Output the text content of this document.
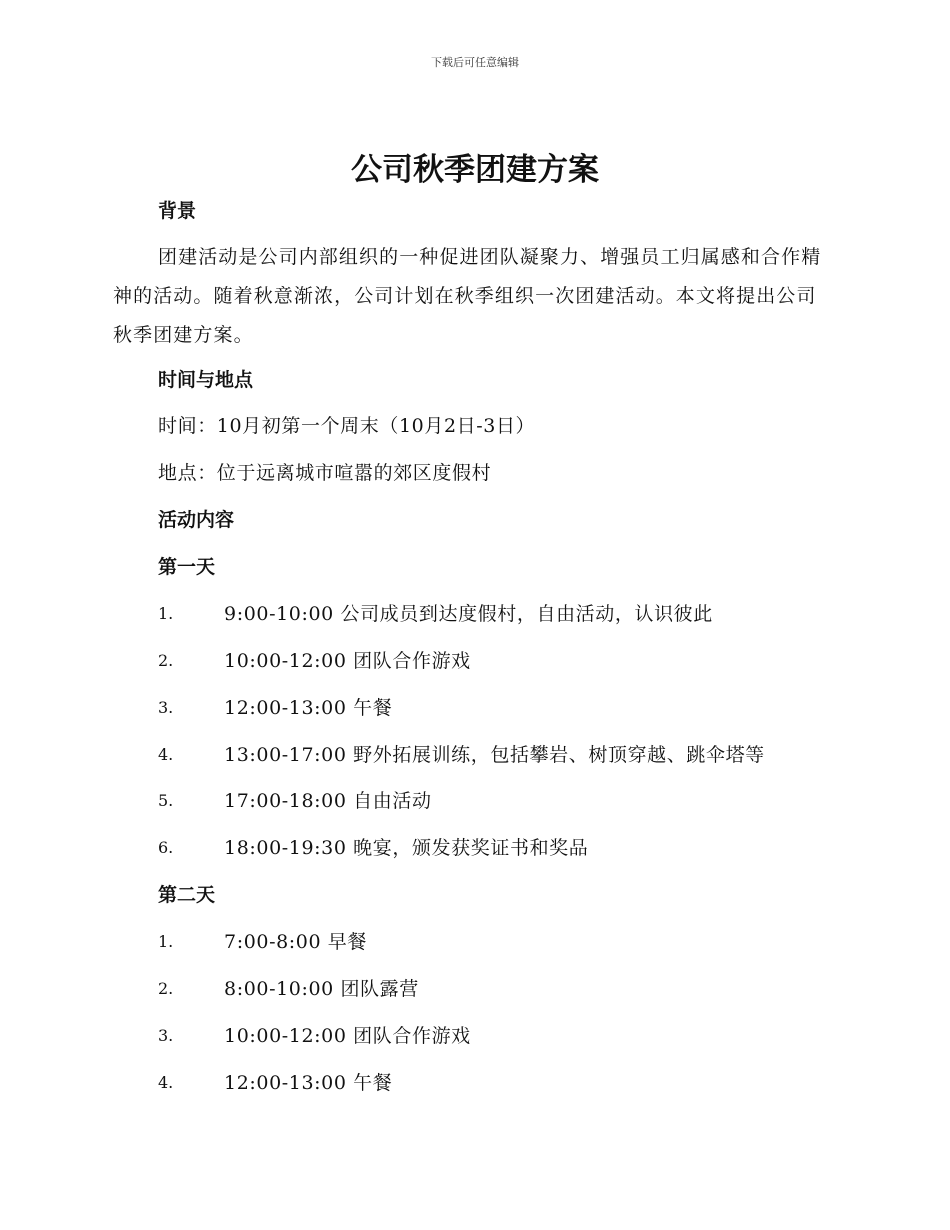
下载后可任意编辑
公司秋季团建方案
背景

团建活动是公司内部组织的一种促进团队凝聚力、增强员工归属感和合作精神的活动。随着秋意渐浓，公司计划在秋季组织一次团建活动。本文将提出公司秋季团建方案。

时间与地点

时间：10月初第一个周末（10月2日-3日）

地点：位于远离城市喧嚣的郊区度假村

活动内容
第一天
1.	9:00-10:00 公司成员到达度假村，自由活动，认识彼此
2.	10:00-12:00 团队合作游戏
3.	12:00-13:00 午餐
4.	13:00-17:00 野外拓展训练，包括攀岩、树顶穿越、跳伞塔等
5.	17:00-18:00 自由活动
6.	18:00-19:30 晚宴，颁发获奖证书和奖品
第二天
1.	7:00-8:00 早餐
2.	8:00-10:00 团队露营
3.	10:00-12:00 团队合作游戏
4.	12:00-13:00 午餐
